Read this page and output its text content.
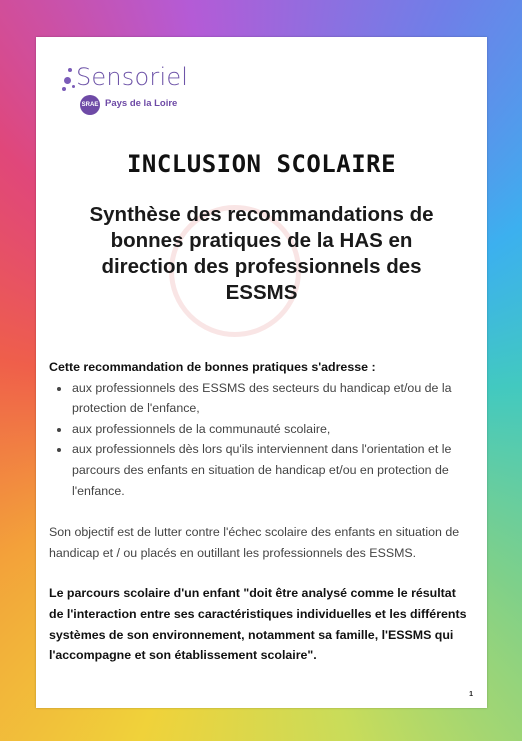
Sensoriel
SRAE Pays de la Loire
INCLUSION SCOLAIRE
Synthèse des recommandations de bonnes pratiques de la HAS en direction des professionnels des ESSMS

Cette recommandation de bonnes pratiques s'adresse :

• aux professionnels des ESSMS des secteurs du handicap et/ou de la protection de l'enfance,
• aux professionnels de la communauté scolaire,
• aux professionnels dès lors qu'ils interviennent dans l'orientation et le parcours des enfants en situation de handicap et/ou en protection de l'enfance.

Son objectif est de lutter contre l'échec scolaire des enfants en situation de handicap et / ou placés en outillant les professionnels des ESSMS.

Le parcours scolaire d'un enfant "doit être analysé comme le résultat de l'interaction entre ses caractéristiques individuelles et les différents systèmes de son environnement, notamment sa famille, l'ESSMS qui l'accompagne et son établissement scolaire".

1
